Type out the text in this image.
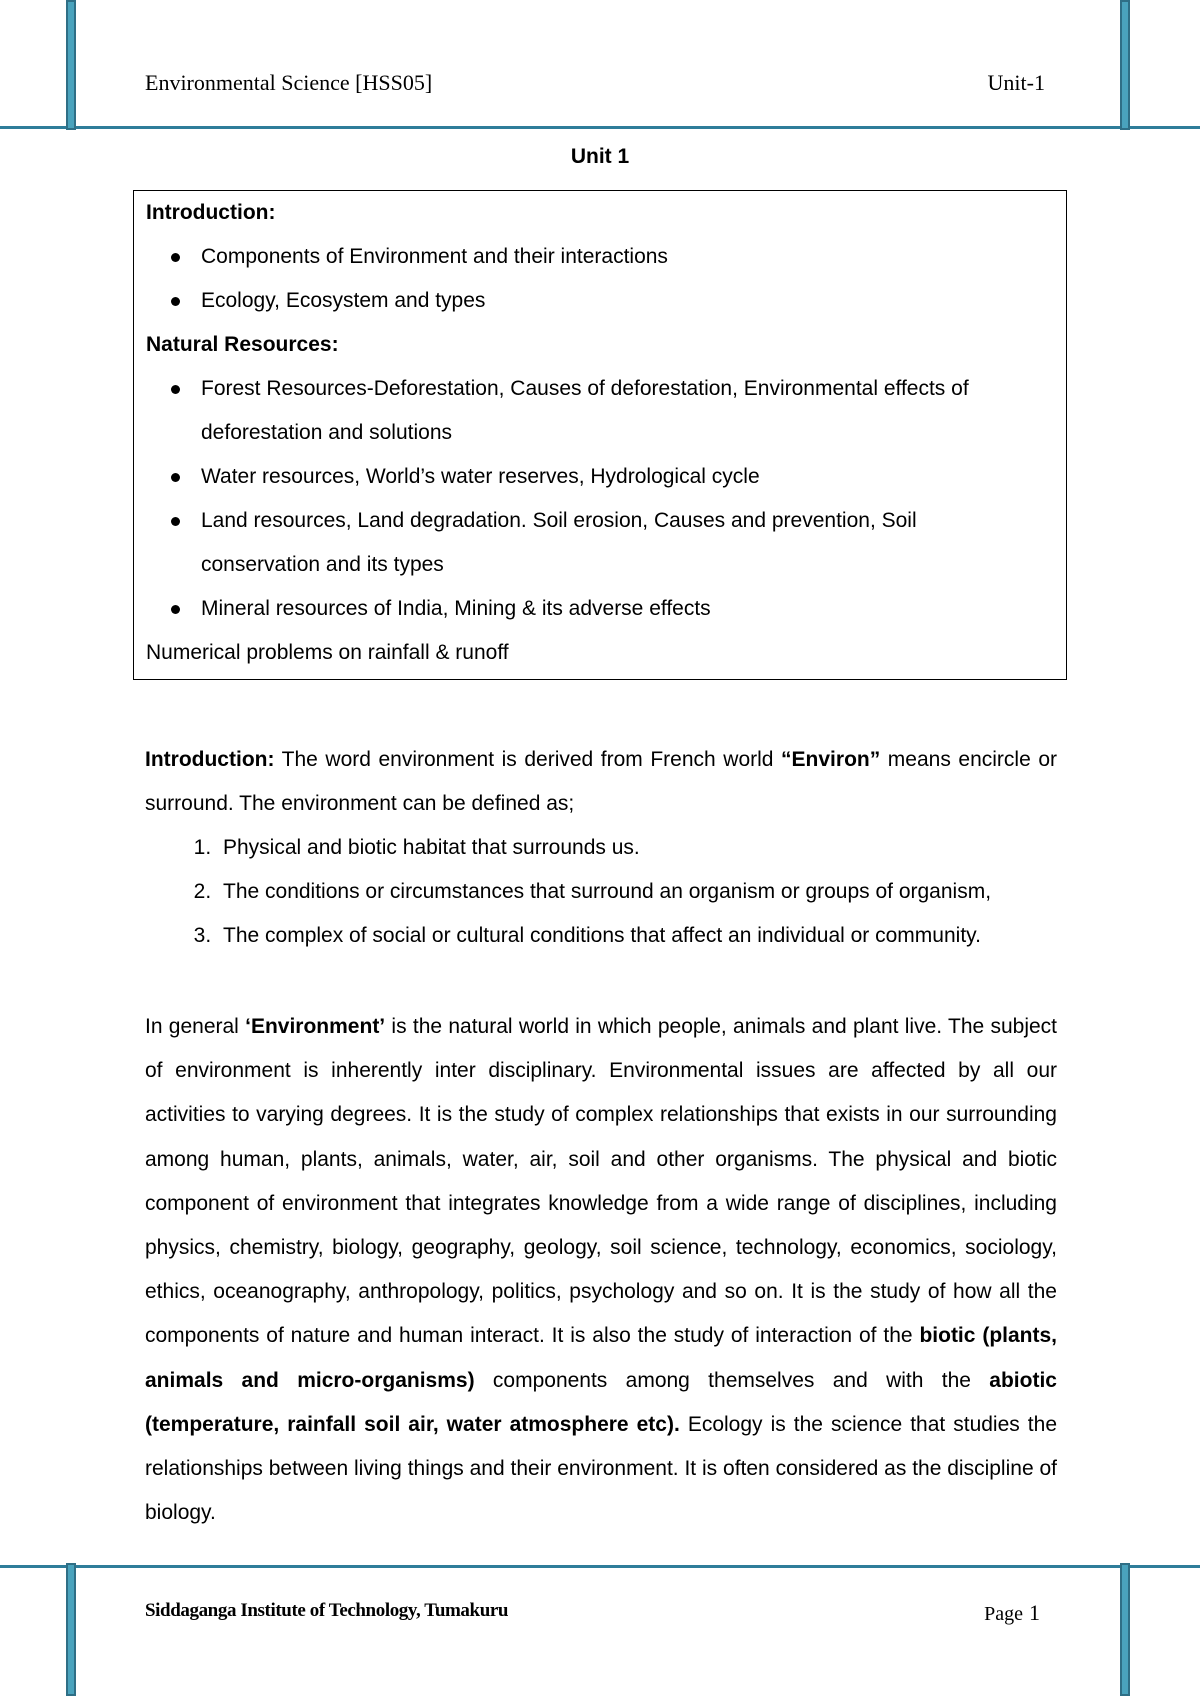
Environmental Science [HSS05]	Unit-1
Unit 1
Introduction:
Components of Environment and their interactions
Ecology, Ecosystem and types
Natural Resources:
Forest Resources-Deforestation, Causes of deforestation, Environmental effects of deforestation and solutions
Water resources, World’s water reserves, Hydrological cycle
Land resources, Land degradation. Soil erosion, Causes and prevention, Soil conservation and its types
Mineral resources of India, Mining & its adverse effects
Numerical problems on rainfall & runoff

Introduction: The word environment is derived from French world “Environ” means encircle or surround. The environment can be defined as;

1. Physical and biotic habitat that surrounds us.
2. The conditions or circumstances that surround an organism or groups of organism,
3. The complex of social or cultural conditions that affect an individual or community.

In general ‘Environment’ is the natural world in which people, animals and plant live. The subject of environment is inherently inter disciplinary. Environmental issues are affected by all our activities to varying degrees. It is the study of complex relationships that exists in our surrounding among human, plants, animals, water, air, soil and other organisms. The physical and biotic component of environment that integrates knowledge from a wide range of disciplines, including physics, chemistry, biology, geography, geology, soil science, technology, economics, sociology, ethics, oceanography, anthropology, politics, psychology and so on. It is the study of how all the components of nature and human interact. It is also the study of interaction of the biotic (plants, animals and micro-organisms) components among themselves and with the abiotic (temperature, rainfall soil air, water atmosphere etc). Ecology is the science that studies the relationships between living things and their environment. It is often considered as the discipline of biology.

Siddaganga Institute of Technology, Tumakuru	Page 1
